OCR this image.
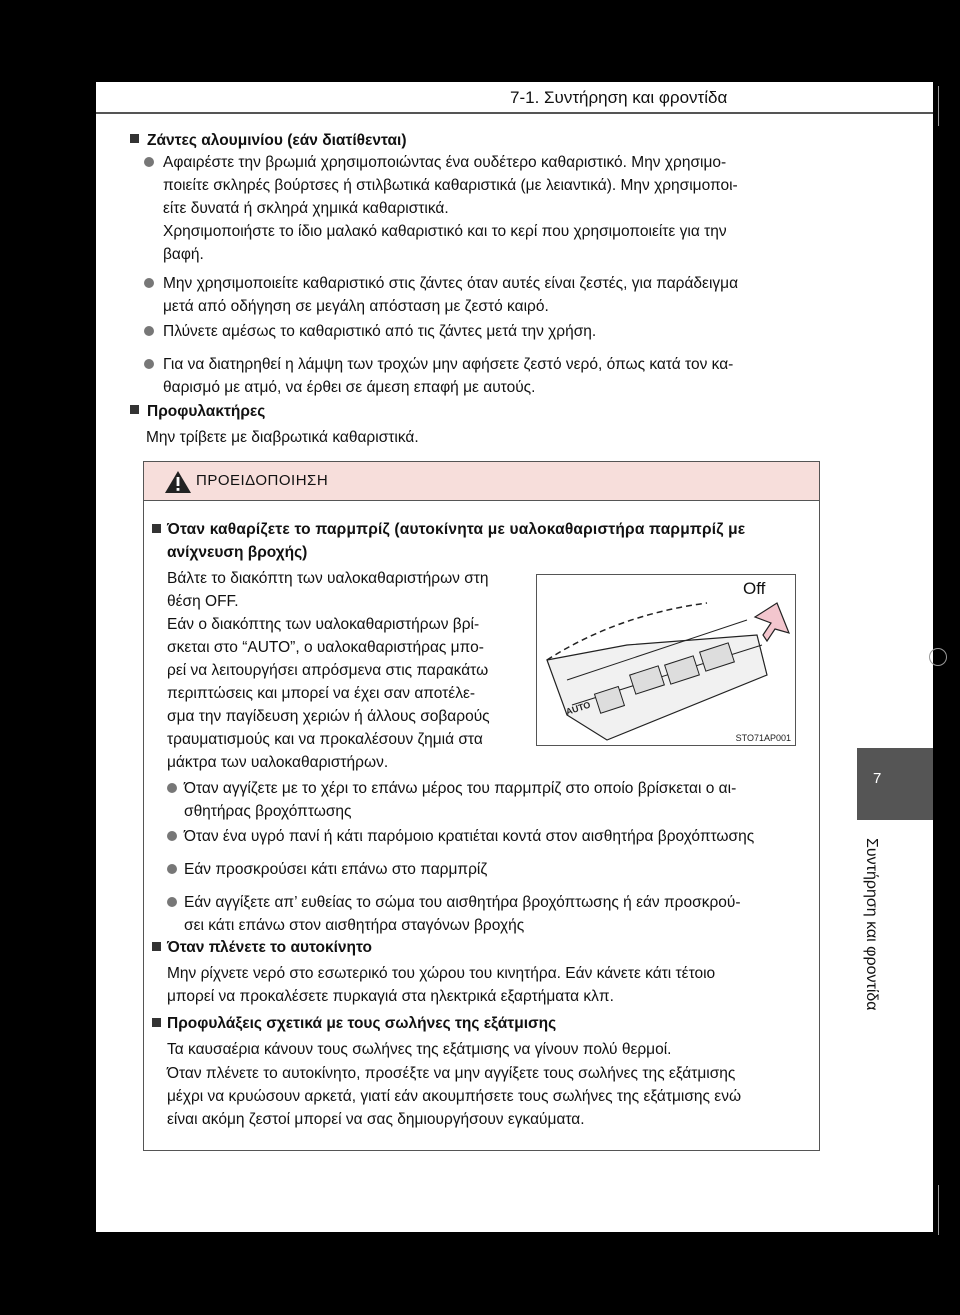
7-1. Συντήρηση και φροντίδα
7
Συντήρηση και φροντίδα
Ζάντες αλουμινίου (εάν διατίθενται)
Αφαιρέστε την βρωμιά χρησιμοποιώντας ένα ουδέτερο καθαριστικό. Μην χρησιμο-
ποιείτε σκληρές βούρτσες ή στιλβωτικά καθαριστικά (με λειαντικά). Μην χρησιμοποι-
είτε δυνατά ή σκληρά χημικά καθαριστικά.
Χρησιμοποιήστε το ίδιο μαλακό καθαριστικό και το κερί που χρησιμοποιείτε για την
βαφή.
Μην χρησιμοποιείτε καθαριστικό στις ζάντες όταν αυτές είναι ζεστές, για παράδειγμα
μετά από οδήγηση σε μεγάλη απόσταση με ζεστό καιρό.
Πλύνετε αμέσως το καθαριστικό από τις ζάντες μετά την χρήση.
Για να διατηρηθεί η λάμψη των τροχών μην αφήσετε ζεστό νερό, όπως κατά τον κα-
θαρισμό με ατμό, να έρθει σε άμεση επαφή με αυτούς.
Προφυλακτήρες
Μην τρίβετε με διαβρωτικά καθαριστικά.
ΠΡΟΕΙΔΟΠΟΙΗΣΗ
Όταν καθαρίζετε το παρμπρίζ (αυτοκίνητα με υαλοκαθαριστήρα παρμπρίζ με
ανίχνευση βροχής)
Βάλτε το διακόπτη των υαλοκαθαριστήρων στη
θέση OFF.
Εάν ο διακόπτης των υαλοκαθαριστήρων βρί-
σκεται στο “AUTO”, ο υαλοκαθαριστήρας μπο-
ρεί να λειτουργήσει απρόσμενα στις παρακάτω
περιπτώσεις και μπορεί να έχει σαν αποτέλε-
σμα την παγίδευση χεριών ή άλλους σοβαρούς
τραυματισμούς και να προκαλέσουν ζημιά στα
μάκτρα των υαλοκαθαριστήρων.
AUTO
Off
STO71AP001
Όταν αγγίζετε με το χέρι το επάνω μέρος του παρμπρίζ στο οποίο βρίσκεται ο αι-
σθητήρας βροχόπτωσης
Όταν ένα υγρό πανί ή κάτι παρόμοιο κρατιέται κοντά στον αισθητήρα βροχόπτωσης
Εάν προσκρούσει κάτι επάνω στο παρμπρίζ
Εάν αγγίξετε απ’ ευθείας το σώμα του αισθητήρα βροχόπτωσης ή εάν προσκρού-
σει κάτι επάνω στον αισθητήρα σταγόνων βροχής
Όταν πλένετε το αυτοκίνητο
Μην ρίχνετε νερό στο εσωτερικό του χώρου του κινητήρα. Εάν κάνετε κάτι τέτοιο
μπορεί να προκαλέσετε πυρκαγιά στα ηλεκτρικά εξαρτήματα κλπ.
Προφυλάξεις σχετικά με τους σωλήνες της εξάτμισης
Τα καυσαέρια κάνουν τους σωλήνες της εξάτμισης να γίνουν πολύ θερμοί.
Όταν πλένετε το αυτοκίνητο, προσέξτε να μην αγγίξετε τους σωλήνες της εξάτμισης
μέχρι να κρυώσουν αρκετά, γιατί εάν ακουμπήσετε τους σωλήνες της εξάτμισης ενώ
είναι ακόμη ζεστοί μπορεί να σας δημιουργήσουν εγκαύματα.
